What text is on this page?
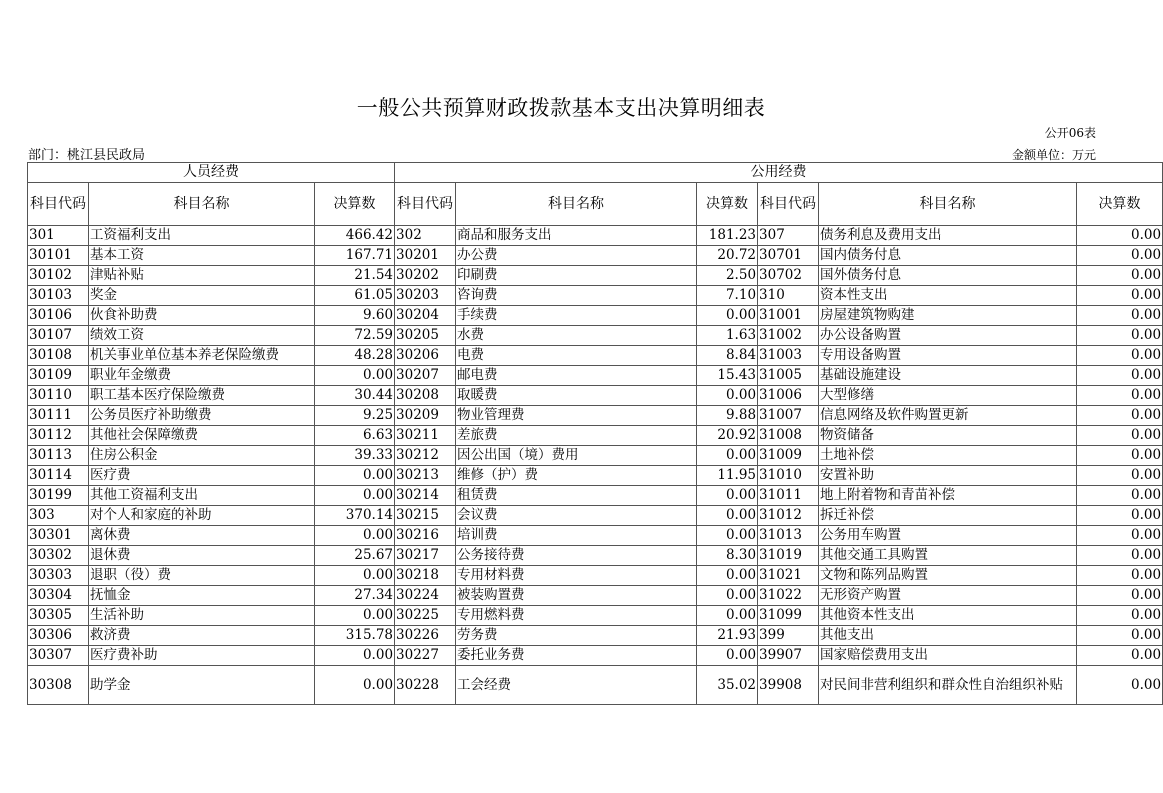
一般公共预算财政拨款基本支出决算明细表
公开06表
部门：桃江县民政局	金额单位：万元
人员经费			公用经费					
科目代码	科目名称	决算数	科目代码	科目名称	决算数	科目代码	科目名称	决算数
301	工资福利支出	466.42	302	商品和服务支出	181.23	307	债务利息及费用支出	0.00
30101	基本工资	167.71	30201	办公费	20.72	30701	国内债务付息	0.00
30102	津贴补贴	21.54	30202	印刷费	2.50	30702	国外债务付息	0.00
30103	奖金	61.05	30203	咨询费	7.10	310	资本性支出	0.00
30106	伙食补助费	9.60	30204	手续费	0.00	31001	房屋建筑物购建	0.00
30107	绩效工资	72.59	30205	水费	1.63	31002	办公设备购置	0.00
30108	机关事业单位基本养老保险缴费	48.28	30206	电费	8.84	31003	专用设备购置	0.00
30109	职业年金缴费	0.00	30207	邮电费	15.43	31005	基础设施建设	0.00
30110	职工基本医疗保险缴费	30.44	30208	取暖费	0.00	31006	大型修缮	0.00
30111	公务员医疗补助缴费	9.25	30209	物业管理费	9.88	31007	信息网络及软件购置更新	0.00
30112	其他社会保障缴费	6.63	30211	差旅费	20.92	31008	物资储备	0.00
30113	住房公积金	39.33	30212	因公出国（境）费用	0.00	31009	土地补偿	0.00
30114	医疗费	0.00	30213	维修（护）费	11.95	31010	安置补助	0.00
30199	其他工资福利支出	0.00	30214	租赁费	0.00	31011	地上附着物和青苗补偿	0.00
303	对个人和家庭的补助	370.14	30215	会议费	0.00	31012	拆迁补偿	0.00
30301	离休费	0.00	30216	培训费	0.00	31013	公务用车购置	0.00
30302	退休费	25.67	30217	公务接待费	8.30	31019	其他交通工具购置	0.00
30303	退职（役）费	0.00	30218	专用材料费	0.00	31021	文物和陈列品购置	0.00
30304	抚恤金	27.34	30224	被装购置费	0.00	31022	无形资产购置	0.00
30305	生活补助	0.00	30225	专用燃料费	0.00	31099	其他资本性支出	0.00
30306	救济费	315.78	30226	劳务费	21.93	399	其他支出	0.00
30307	医疗费补助	0.00	30227	委托业务费	0.00	39907	国家赔偿费用支出	0.00
30308	助学金	0.00	30228	工会经费	35.02	39908	对民间非营利组织和群众性自治组织补贴	0.00
